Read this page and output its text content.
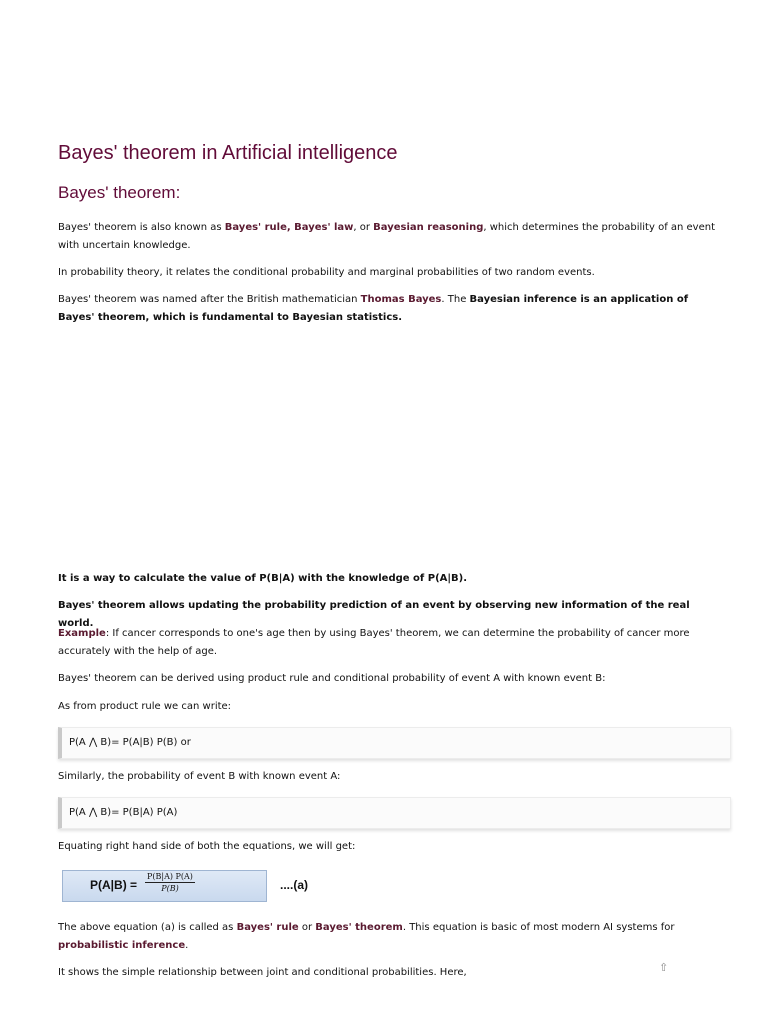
Bayes' theorem in Artificial intelligence
Bayes' theorem:

Bayes' theorem is also known as Bayes' rule, Bayes' law, or Bayesian reasoning, which determines the probability of an event with uncertain knowledge.

In probability theory, it relates the conditional probability and marginal probabilities of two random events.

Bayes' theorem was named after the British mathematician Thomas Bayes. The Bayesian inference is an application of Bayes' theorem, which is fundamental to Bayesian statistics.

It is a way to calculate the value of P(B|A) with the knowledge of P(A|B).

Bayes' theorem allows updating the probability prediction of an event by observing new information of the real world.

Example: If cancer corresponds to one's age then by using Bayes' theorem, we can determine the probability of cancer more accurately with the help of age.

Bayes' theorem can be derived using product rule and conditional probability of event A with known event B:

As from product rule we can write:

P(A ⋀ B)= P(A|B) P(B) or

Similarly, the probability of event B with known event A:

P(A ⋀ B)= P(B|A) P(A)

Equating right hand side of both the equations, we will get:

$P(A|B) = \frac{P(B|A) P(A)}{P(B)}$	....(a)

The above equation (a) is called as Bayes' rule or Bayes' theorem. This equation is basic of most modern AI systems for probabilistic inference.

It shows the simple relationship between joint and conditional probabilities. Here,	⇧
